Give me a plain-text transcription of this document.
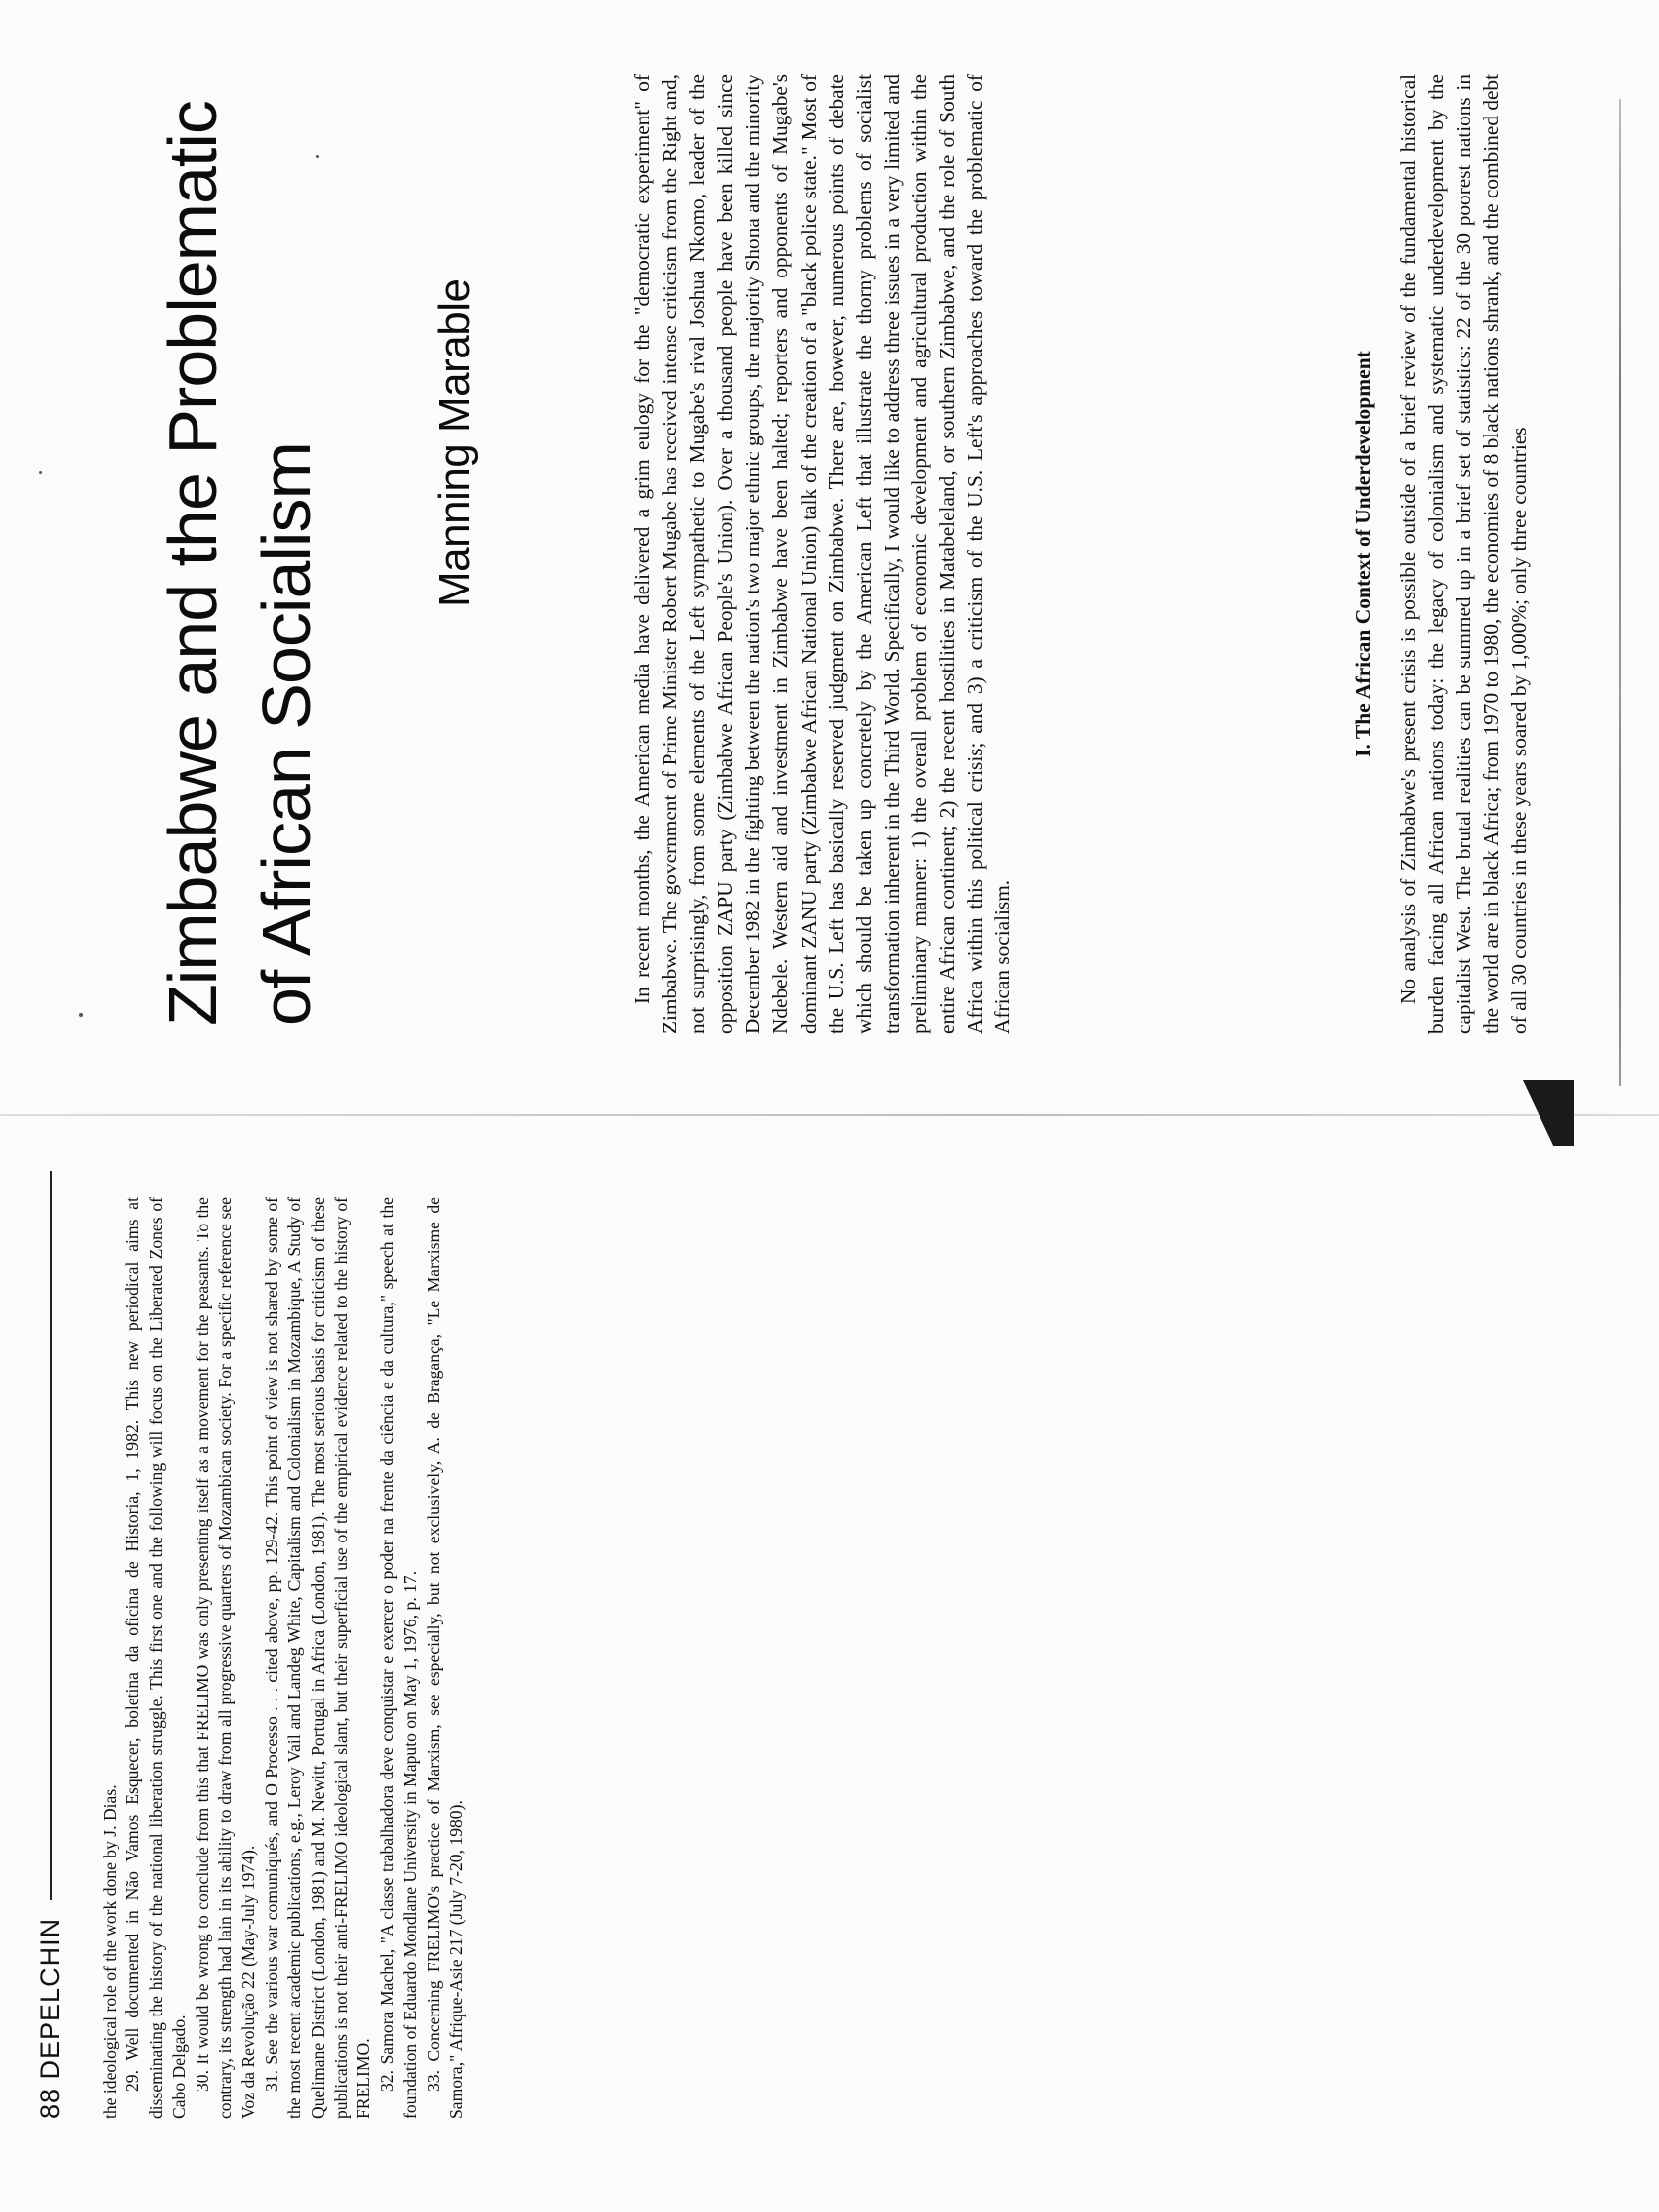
88 DEPELCHIN the ideological role of the work done by J. Dias. 29. Well documented in Não Vamos Esquecer, boletina da oficina de Historia, 1, 1982. This new periodical aims at disseminating the history of the national liberation struggle. This first one and the following will focus on the Liberated Zones of Cabo Delgado. 30. It would be wrong to conclude from this that FRELIMO was only presenting itself as a movement for the peasants. To the contrary, its strength had lain in its ability to draw from all progressive quarters of Mozambican society. For a specific reference see Voz da Revolução 22 (May-July 1974). 31. See the various war comuniqués, and O Processo . . . cited above, pp. 129-42. This point of view is not shared by some of the most recent academic publications, e.g., Leroy Vail and Landeg White, Capitalism and Colonialism in Mozambique, A Study of Quelimane District (London, 1981) and M. Newitt, Portugal in Africa (London, 1981). The most serious basis for criticism of these publications is not their anti-FRELIMO ideological slant, but their superficial use of the empirical evidence related to the history of FRELIMO. 32. Samora Machel, "A classe trabalhadora deve conquistar e exercer o poder na frente da ciência e da cultura," speech at the foundation of Eduardo Mondlane University in Maputo on May 1, 1976, p. 17. 33. Concerning FRELIMO's practice of Marxism, see especially, but not exclusively, A. de Bragança, "Le Marxisme de Samora," Afrique-Asie 217 (July 7-20, 1980).

Zimbabwe and the Problematic of African Socialism Manning Marable	In recent months, the American media have delivered a grim eulogy for the "democratic experiment" of Zimbabwe. The government of Prime Minister Robert Mugabe has received intense criticism from the Right and, not surprisingly, from some elements of the Left sympathetic to Mugabe's rival Joshua Nkomo, leader of the opposition ZAPU party (Zimbabwe African People's Union). Over a thousand people have been killed since December 1982 in the fighting between the nation's two major ethnic groups, the majority Shona and the minority Ndebele. Western aid and investment in Zimbabwe have been halted; reporters and opponents of Mugabe's dominant ZANU party (Zimbabwe African National Union) talk of the creation of a "black police state." Most of the U.S. Left has basically reserved judgment on Zimbabwe. There are, however, numerous points of debate which should be taken up concretely by the American Left that illustrate the thorny problems of socialist transformation inherent in the Third World. Specifically, I would like to address three issues in a very limited and preliminary manner: 1) the overall problem of economic development and agricultural production within the entire African continent; 2) the recent hostilities in Matabeleland, or southern Zimbabwe, and the role of South Africa within this political crisis; and 3) a criticism of the U.S. Left's approaches toward the problematic of African socialism.

I. The African Context of Underdevelopment No analysis of Zimbabwe's present crisis is possible outside of a brief review of the fundamental historical burden facing all African nations today: the legacy of colonialism and systematic underdevelopment by the capitalist West. The brutal realities can be summed up in a brief set of statistics: 22 of the 30 poorest nations in the world are in black Africa; from 1970 to 1980, the economies of 8 black nations shrank, and the combined debt of all 30 countries in these years soared by 1,000%; only three countries
